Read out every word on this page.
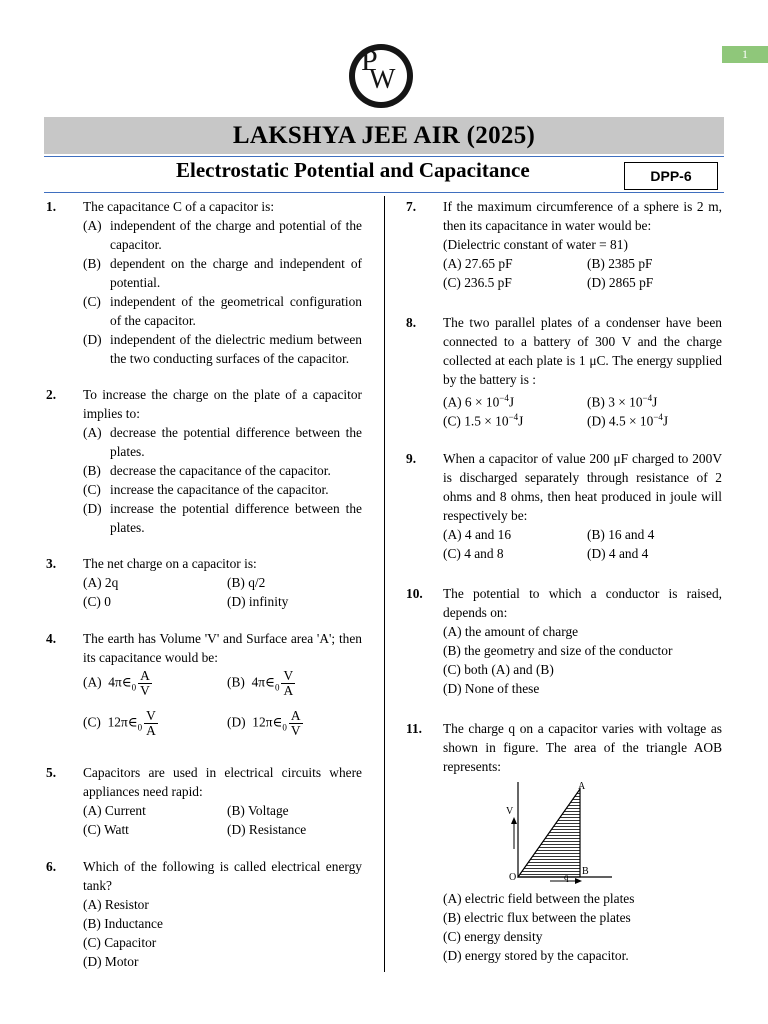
1
P
W
LAKSHYA JEE AIR (2025)
Electrostatic Potential and Capacitance	DPP-6
1. The capacitance C of a capacitor is:
(A) independent of the charge and potential of the capacitor.
(B) dependent on the charge and independent of potential.
(C) independent of the geometrical configuration of the capacitor.
(D) independent of the dielectric medium between the two conducting surfaces of the capacitor.
2. To increase the charge on the plate of a capacitor implies to:
(A) decrease the potential difference between the plates.
(B) decrease the capacitance of the capacitor.
(C) increase the capacitance of the capacitor.
(D) increase the potential difference between the plates.
3. The net charge on a capacitor is:
(A) 2q	(B) q/2
(C) 0	(D) infinity
4. The earth has Volume 'V' and Surface area 'A'; then its capacitance would be:
(A) $4\pi\in_0 \frac{A}{V}$	(B) $4\pi\in_0 \frac{V}{A}$
(C) $12\pi\in_0 \frac{V}{A}$	(D) $12\pi\in_0 \frac{A}{V}$
5. Capacitors are used in electrical circuits where appliances need rapid:
(A) Current	(B) Voltage
(C) Watt	(D) Resistance
6. Which of the following is called electrical energy tank?
(A) Resistor
(B) Inductance
(C) Capacitor
(D) Motor
7. If the maximum circumference of a sphere is 2 m, then its capacitance in water would be:
(Dielectric constant of water = 81)
(A) 27.65 pF	(B) 2385 pF
(C) 236.5 pF	(D) 2865 pF
8. The two parallel plates of a condenser have been connected to a battery of 300 V and the charge collected at each plate is 1 μC. The energy supplied by the battery is :
(A) $6 \times 10^{-4}J$	(B) $3 \times 10^{-4}J$
(C) $1.5 \times 10^{-4}J$	(D) $4.5 \times 10^{-4}J$
9. When a capacitor of value 200 μF charged to 200V is discharged separately through resistance of 2 ohms and 8 ohms, then heat produced in joule will respectively be:
(A) 4 and 16	(B) 16 and 4
(C) 4 and 8	(D) 4 and 4
10. The potential to which a conductor is raised, depends on:
(A) the amount of charge
(B) the geometry and size of the conductor
(C) both (A) and (B)
(D) None of these
11. The charge q on a capacitor varies with voltage as shown in figure. The area of the triangle AOB represents:
(A) electric field between the plates
(B) electric flux between the plates
(C) energy density
(D) energy stored by the capacitor.
A
B
O
V
q
